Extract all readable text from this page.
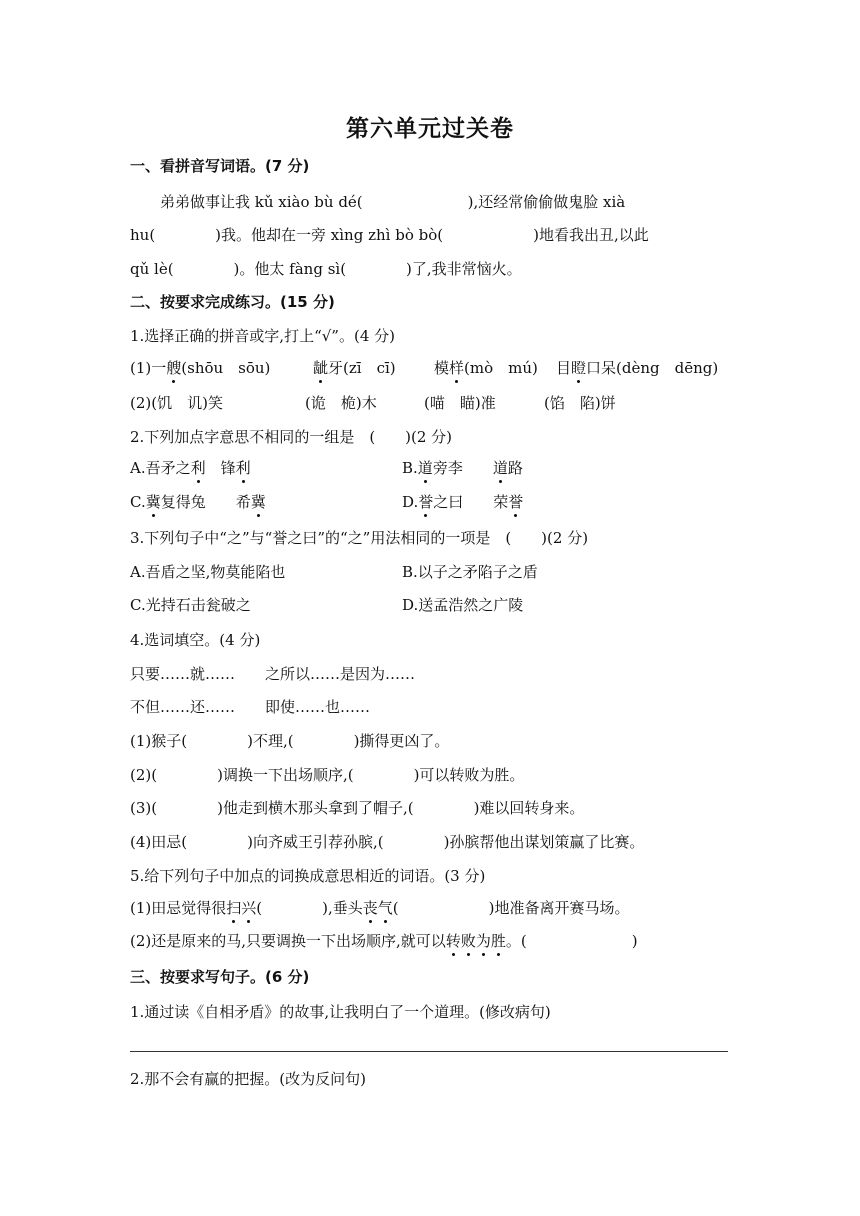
第六单元过关卷
一、看拼音写词语。(7 分)
　　弟弟做事让我 kǔ xiào bù dé(　　　　　　　),还经常偷偷做鬼脸 xià
hu(　　　　)我。他却在一旁 xìng zhì bò bò(　　　　　　)地看我出丑,以此
qǔ lè(　　　　)。他太 fàng sì(　　　　)了,我非常恼火。
二、按要求完成练习。(15 分)
1.选择正确的拼音或字,打上“√”。(4 分)
(1)一艘(shōu　sōu)	龇牙(zī　cī)	模样(mò　mú) 目瞪口呆(dèng　dēng)
(2)(饥　讥)笑	(诡　桅)木	(喵　瞄)准	(馅　陷)饼
2.下列加点字意思不相同的一组是　(　　)(2 分)
A.吾矛之利　锋利	B.道旁李　　道路
C.冀复得兔　　希冀	D.誉之曰　　荣誉
3.下列句子中“之”与“誉之曰”的“之”用法相同的一项是　(　　)(2 分)
A.吾盾之坚,物莫能陷也	B.以子之矛陷子之盾
C.光持石击瓮破之	D.送孟浩然之广陵
4.选词填空。(4 分)
只要……就……　　之所以……是因为……
不但……还……　　即使……也……
(1)猴子(　　　　)不理,(　　　　)撕得更凶了。
(2)(　　　　)调换一下出场顺序,(　　　　)可以转败为胜。
(3)(　　　　)他走到横木那头拿到了帽子,(　　　　)难以回转身来。
(4)田忌(　　　　)向齐威王引荐孙膑,(　　　　)孙膑帮他出谋划策赢了比赛。
5.给下列句子中加点的词换成意思相近的词语。(3 分)
(1)田忌觉得很扫兴(　　　　),垂头丧气(　　　　　　)地准备离开赛马场。
(2)还是原来的马,只要调换一下出场顺序,就可以转败为胜。(　　　　　　　)
三、按要求写句子。(6 分)
1.通过读《自相矛盾》的故事,让我明白了一个道理。(修改病句)
2.那不会有赢的把握。(改为反问句)
